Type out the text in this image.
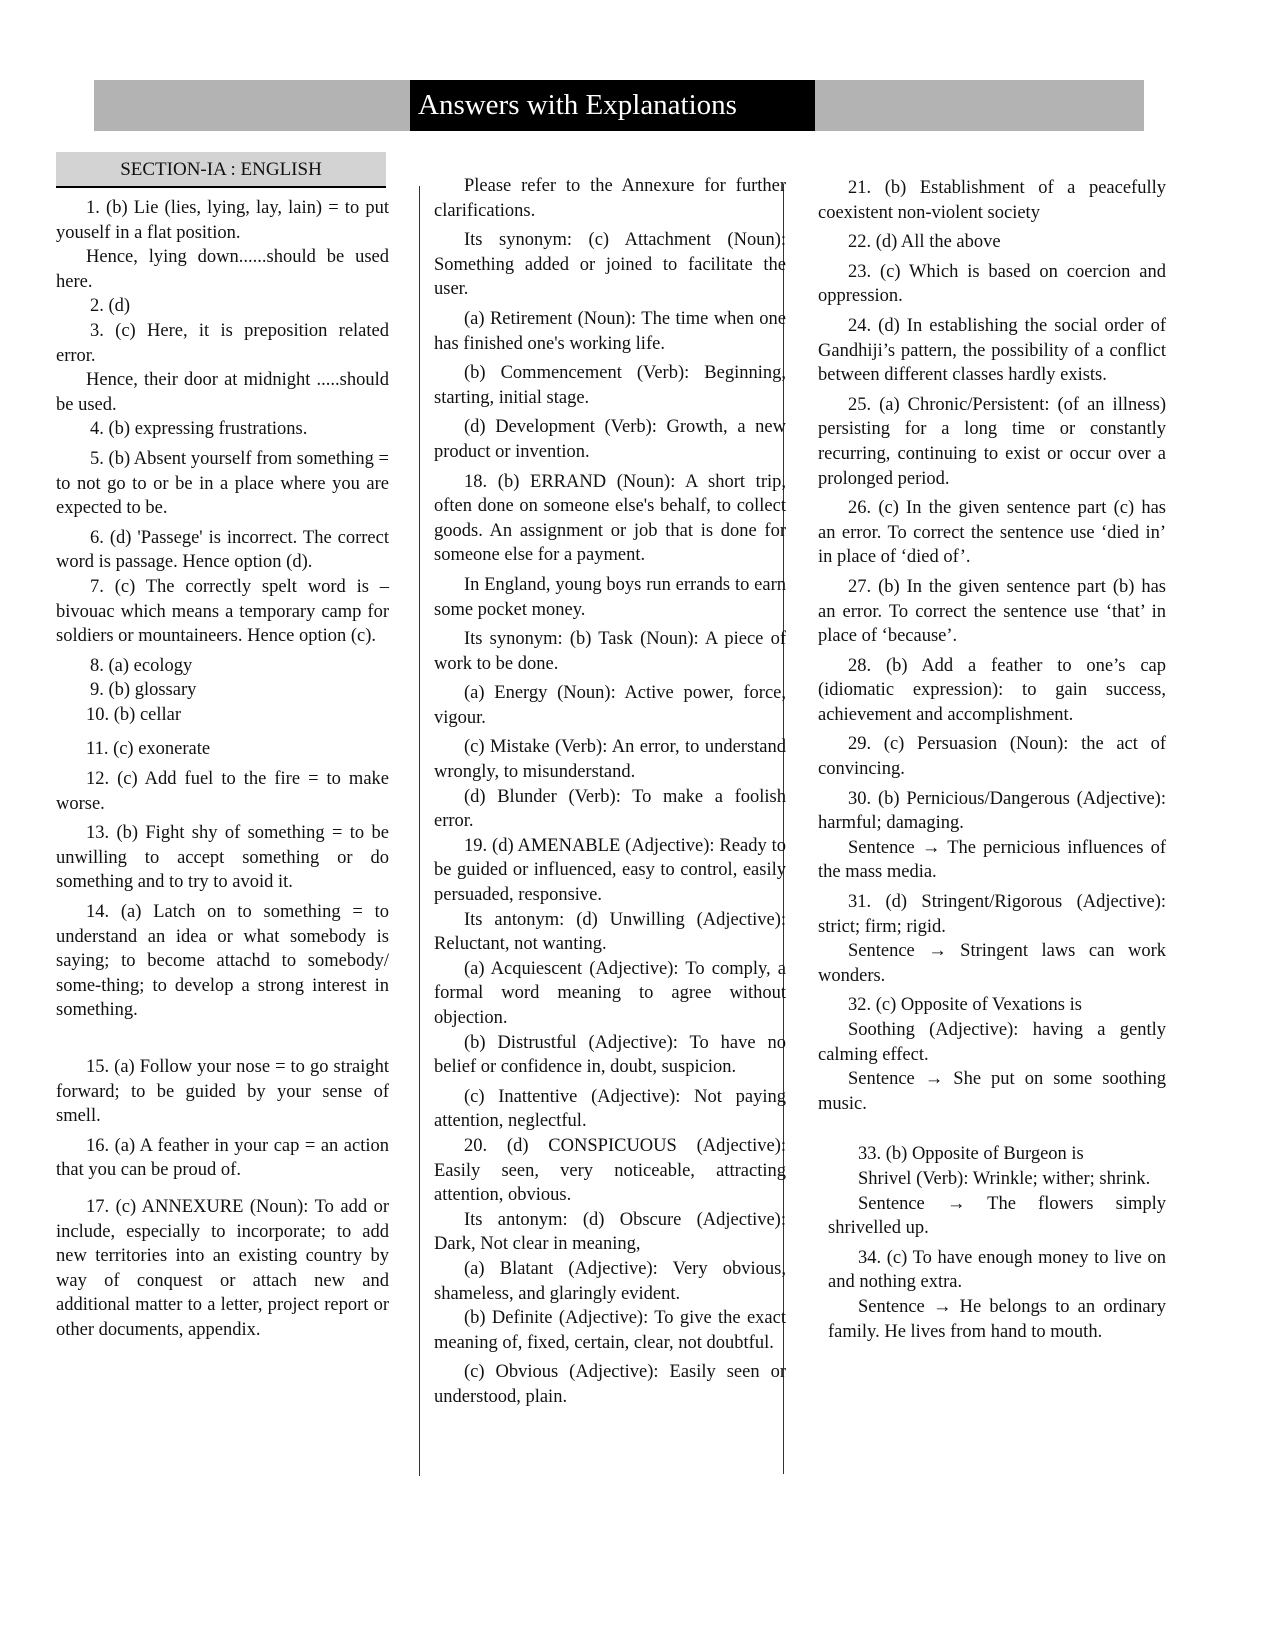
Answers with Explanations
SECTION-IA : ENGLISH

1. (b) Lie (lies, lying, lay, lain) = to put youself in a flat position.

Hence, lying down......should be used here.

2. (d)

3. (c) Here, it is preposition related error.

Hence, their door at midnight .....should be used.

4. (b) expressing frustrations.

5. (b) Absent yourself from something = to not go to or be in a place where you are expected to be.

6. (d) 'Passege' is incorrect. The correct word is passage. Hence option (d).

7. (c) The correctly spelt word is – bivouac which means a temporary camp for soldiers or mountaineers. Hence option (c).

8. (a) ecology

9. (b) glossary

10. (b) cellar

11. (c) exonerate

12. (c) Add fuel to the fire = to make worse.

13. (b) Fight shy of something = to be unwilling to accept something or do something and to try to avoid it.

14. (a) Latch on to something = to understand an idea or what somebody is saying; to become attachd to somebody/ some-thing; to develop a strong interest in something.

15. (a) Follow your nose = to go straight forward; to be guided by your sense of smell.

16. (a) A feather in your cap = an action that you can be proud of.

17. (c) ANNEXURE (Noun): To add or include, especially to incorporate; to add new territories into an existing country by way of conquest or attach new and additional matter to a letter, project report or other documents, appendix.

Please refer to the Annexure for further clarifications.

Its synonym: (c) Attachment (Noun): Something added or joined to facilitate the user.

(a) Retirement (Noun): The time when one has finished one's working life.

(b) Commencement (Verb): Beginning, starting, initial stage.

(d) Development (Verb): Growth, a new product or invention.

18. (b) ERRAND (Noun): A short trip, often done on someone else's behalf, to collect goods. An assignment or job that is done for someone else for a payment.

In England, young boys run errands to earn some pocket money.

Its synonym: (b) Task (Noun): A piece of work to be done.

(a) Energy (Noun): Active power, force, vigour.

(c) Mistake (Verb): An error, to understand wrongly, to misunderstand.

(d) Blunder (Verb): To make a foolish error.

19. (d) AMENABLE (Adjective): Ready to be guided or influenced, easy to control, easily persuaded, responsive.

Its antonym: (d) Unwilling (Adjective): Reluctant, not wanting.

(a) Acquiescent (Adjective): To comply, a formal word meaning to agree without objection.

(b) Distrustful (Adjective): To have no belief or confidence in, doubt, suspicion.

(c) Inattentive (Adjective): Not paying attention, neglectful.

20. (d) CONSPICUOUS (Adjective): Easily seen, very noticeable, attracting attention, obvious.

Its antonym: (d) Obscure (Adjective): Dark, Not clear in meaning,

(a) Blatant (Adjective): Very obvious, shameless, and glaringly evident.

(b) Definite (Adjective): To give the exact meaning of, fixed, certain, clear, not doubtful.

(c) Obvious (Adjective): Easily seen or understood, plain.

21. (b) Establishment of a peacefully coexistent non-violent society

22. (d) All the above

23. (c) Which is based on coercion and oppression.

24. (d) In establishing the social order of Gandhiji’s pattern, the possibility of a conflict between different classes hardly exists.

25. (a) Chronic/Persistent: (of an illness) persisting for a long time or constantly recurring, continuing to exist or occur over a prolonged period.

26. (c) In the given sentence part (c) has an error. To correct the sentence use ‘died in’ in place of ‘died of’.

27. (b) In the given sentence part (b) has an error. To correct the sentence use ‘that’ in place of ‘because’.

28. (b) Add a feather to one’s cap (idiomatic expression): to gain success, achievement and accomplishment.

29. (c) Persuasion (Noun): the act of convincing.

30. (b) Pernicious/Dangerous (Adjective): harmful; damaging.

Sentence → The pernicious influences of the mass media.

31. (d) Stringent/Rigorous (Adjective): strict; firm; rigid.

Sentence → Stringent laws can work wonders.

32. (c) Opposite of Vexations is

Soothing (Adjective): having a gently calming effect.

Sentence → She put on some soothing music.

33. (b) Opposite of Burgeon is

Shrivel (Verb): Wrinkle; wither; shrink.

Sentence → The flowers simply shrivelled up.

34. (c) To have enough money to live on and nothing extra.

Sentence → He belongs to an ordinary family. He lives from hand to mouth.
